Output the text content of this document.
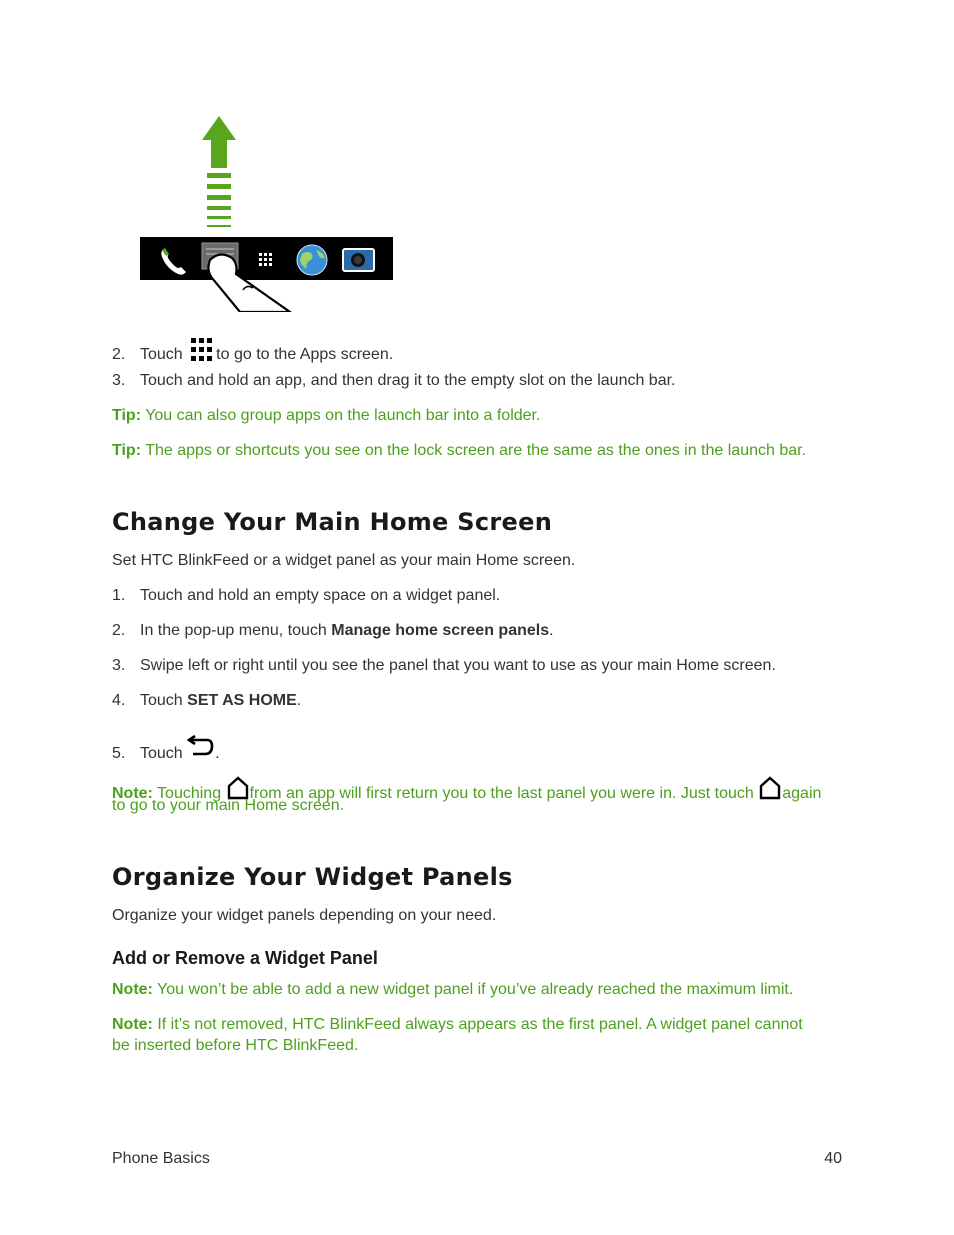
2. Touch to go to the Apps screen.
3. Touch and hold an app, and then drag it to the empty slot on the launch bar.
Tip: You can also group apps on the launch bar into a folder.
Tip: The apps or shortcuts you see on the lock screen are the same as the ones in the launch bar.
Change Your Main Home Screen
Set HTC BlinkFeed or a widget panel as your main Home screen.
1. Touch and hold an empty space on a widget panel.
2. In the pop-up menu, touch Manage home screen panels.
3. Swipe left or right until you see the panel that you want to use as your main Home screen.
4. Touch SET AS HOME.
5. Touch .
Note: Touching from an app will first return you to the last panel you were in. Just touch again
to go to your main Home screen.
Organize Your Widget Panels
Organize your widget panels depending on your need.
Add or Remove a Widget Panel
Note: You won’t be able to add a new widget panel if you’ve already reached the maximum limit.
Note: If it’s not removed, HTC BlinkFeed always appears as the first panel. A widget panel cannot
be inserted before HTC BlinkFeed.
Phone Basics	40
